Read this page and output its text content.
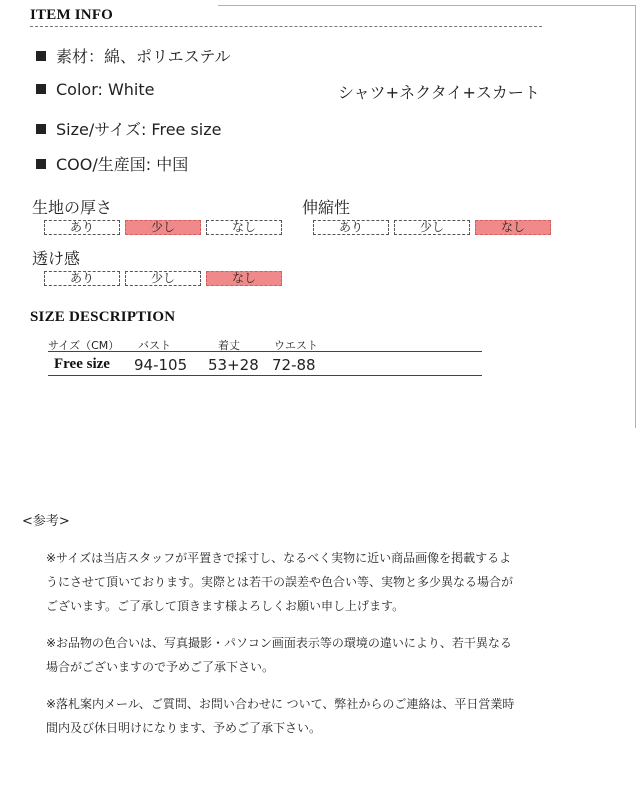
ITEM INFO
素材：綿、ポリエステル
Color: White	シャツ+ネクタイ+スカート
Size/サイズ: Free size
COO/生産国: 中国
生地の厚さ
あり	少し	なし
伸縮性
あり	少し	なし
透け感
あり	少し	なし
SIZE DESCRIPTION
サイズ（CM） バスト	着丈	ウエスト
Free size 94-105 53+28 72-88
<参考>
※サイズは当店スタッフが平置きで採寸し、なるべく実物に近い商品画像を掲載するよ
うにさせて頂いております。実際とは若干の誤差や色合い等、実物と多少異なる場合が
ございます。ご了承して頂きます様よろしくお願い申し上げます。
※お品物の色合いは、写真撮影・パソコン画面表示等の環境の違いにより、若干異なる
場合がございますので予めご了承下さい。
※落札案内メール、ご質問、お問い合わせに ついて、弊社からのご連絡は、平日営業時
間内及び休日明けになります、予めご了承下さい。
